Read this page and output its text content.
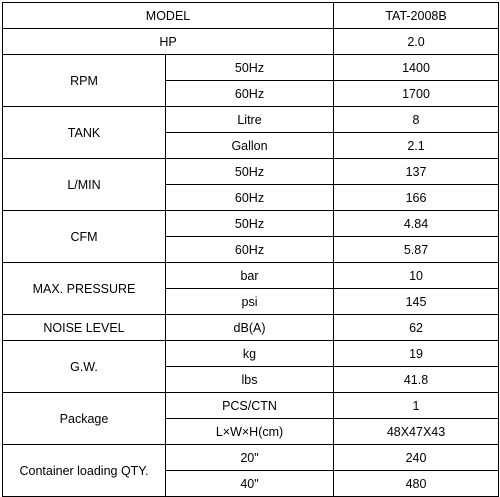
MODEL		TAT-2008B
HP		2.0
RPM	50Hz	1400
	60Hz	1700
TANK	Litre	8
	Gallon	2.1
L/MIN	50Hz	137
	60Hz	166
CFM	50Hz	4.84
	60Hz	5.87
MAX. PRESSURE	bar	10
	psi	145
NOISE LEVEL	dB(A)	62
G.W.	kg	19
	lbs	41.8
Package	PCS/CTN	1
	L×W×H(cm)	48X47X43
Container loading QTY.	20"	240
	40"	480
